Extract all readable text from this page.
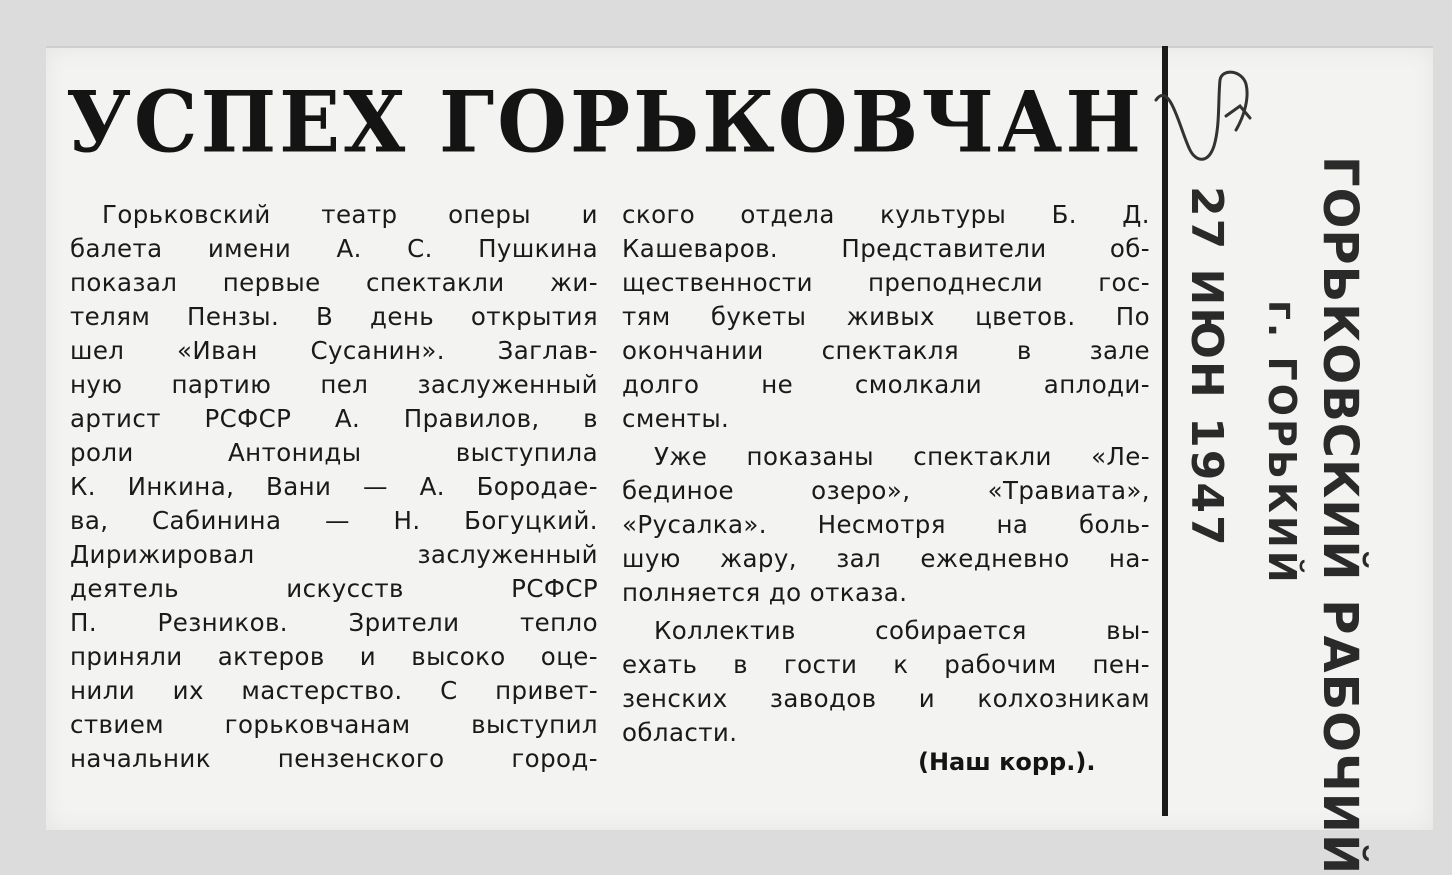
УСПЕХ ГОРЬКОВЧАН
Горьковский театр оперы и
балета имени А. С. Пушкина
показал первые спектакли жи-
телям Пензы. В день открытия
шел «Иван Сусанин». Заглав-
ную партию пел заслуженный
артист РСФСР А. Правилов, в
роли Антониды выступила
К. Инкина, Вани — А. Бородае-
ва, Сабинина — Н. Богуцкий.
Дирижировал заслуженный
деятель искусств РСФСР
П. Резников. Зрители тепло
приняли актеров и высоко оце-
нили их мастерство. С привет-
ствием горьковчанам выступил
начальник пензенского город-
ского отдела культуры Б. Д.
Кашеваров. Представители об-
щественности преподнесли гос-
тям букеты живых цветов. По
окончании спектакля в зале
долго не смолкали аплоди-
сменты.
Уже показаны спектакли «Ле-
бединое озеро», «Травиата»,
«Русалка». Несмотря на боль-
шую жару, зал ежедневно на-
полняется до отказа.
Коллектив собирается вы-
ехать в гости к рабочим пен-
зенских заводов и колхозникам
области.
(Наш корр.).
27 ИЮН 1947 г. ГОРЬКИЙ ГОРЬКОВСКИЙ РАБОЧИЙ
